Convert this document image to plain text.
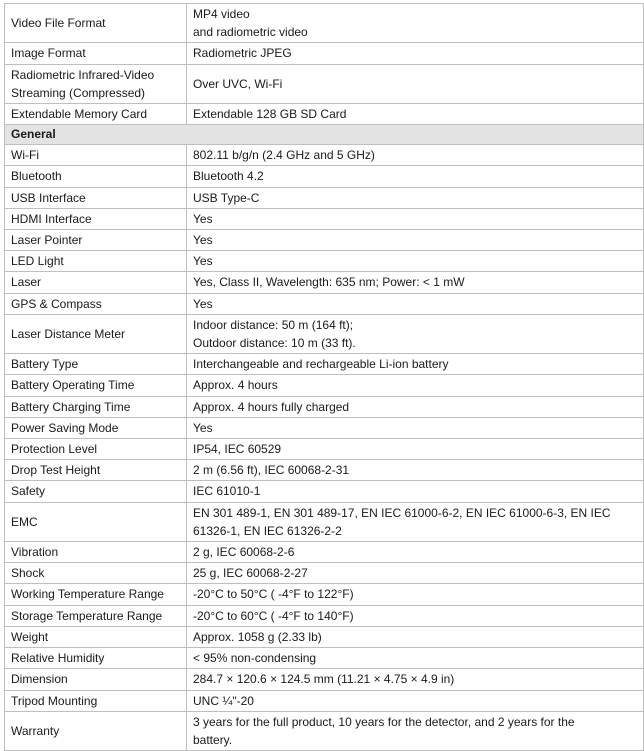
Video File Format	MP4 video
and radiometric video

Image Format	Radiometric JPEG

Radiometric Infrared-Video
Streaming (Compressed)	Over UVC, Wi-Fi

Extendable Memory Card	Extendable 128 GB SD Card

General	
Wi-Fi	802.11 b/g/n (2.4 GHz and 5 GHz)

Bluetooth	Bluetooth 4.2

USB Interface	USB Type-C

HDMI Interface	Yes

Laser Pointer	Yes

LED Light	Yes

Laser	Yes, Class II, Wavelength: 635 nm; Power: < 1 mW

GPS & Compass	Yes

Laser Distance Meter	Indoor distance: 50 m (164 ft);
Outdoor distance: 10 m (33 ft).

Battery Type	Interchangeable and rechargeable Li-ion battery

Battery Operating Time	Approx. 4 hours

Battery Charging Time	Approx. 4 hours fully charged

Power Saving Mode	Yes

Protection Level	IP54, IEC 60529

Drop Test Height	2 m (6.56 ft), IEC 60068-2-31

Safety	IEC 61010-1

EMC	EN 301 489-1, EN 301 489-17, EN IEC 61000-6-2, EN IEC 61000-6-3, EN IEC
61326-1, EN IEC 61326-2-2

Vibration	2 g, IEC 60068-2-6

Shock	25 g, IEC 60068-2-27

Working Temperature Range	-20°C to 50°C ( -4°F to 122°F)

Storage Temperature Range	-20°C to 60°C ( -4°F to 140°F)

Weight	Approx. 1058 g (2.33 lb)

Relative Humidity	< 95% non-condensing

Dimension	284.7 × 120.6 × 124.5 mm (11.21 × 4.75 × 4.9 in)

Tripod Mounting	UNC ¼"-20

Warranty	3 years for the full product, 10 years for the detector, and 2 years for the
battery.
